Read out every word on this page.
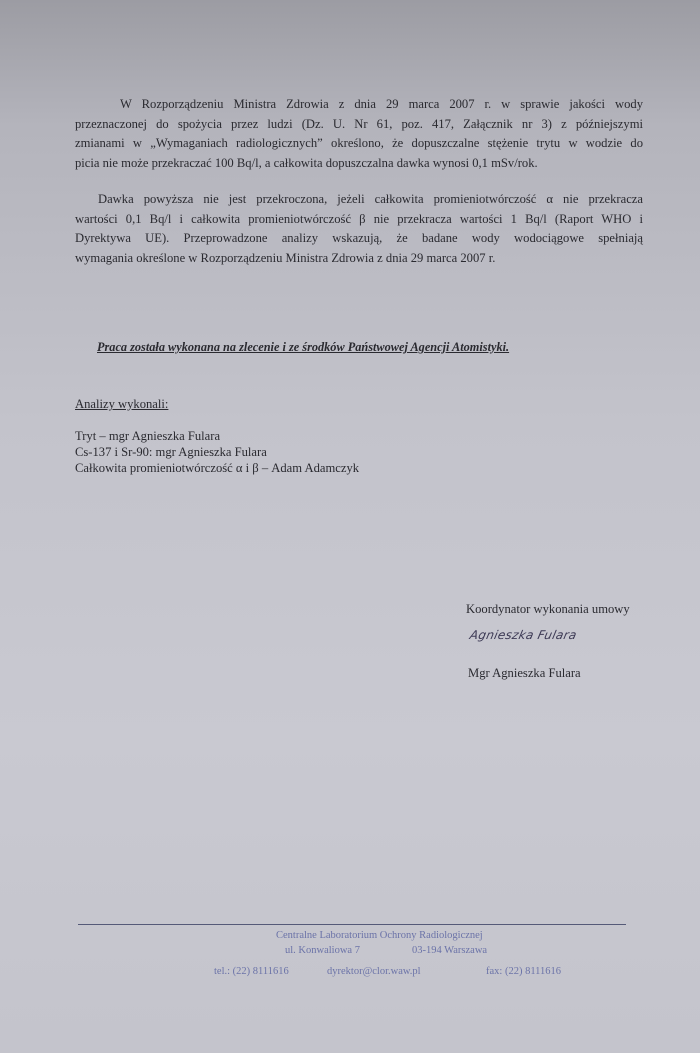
W Rozporządzeniu Ministra Zdrowia z dnia 29 marca 2007 r. w sprawie jakości wody
przeznaczonej do spożycia przez ludzi (Dz. U. Nr 61, poz. 417, Załącznik nr 3) z późniejszymi
zmianami w „Wymaganiach radiologicznych” określono, że dopuszczalne stężenie trytu w wodzie do
picia nie może przekraczać 100 Bq/l, a całkowita dopuszczalna dawka wynosi 0,1 mSv/rok.
Dawka powyższa nie jest przekroczona, jeżeli całkowita promieniotwórczość α nie przekracza
wartości 0,1 Bq/l i całkowita promieniotwórczość β nie przekracza wartości 1 Bq/l (Raport WHO i
Dyrektywa UE). Przeprowadzone analizy wskazują, że badane wody wodociągowe spełniają
wymagania określone w Rozporządzeniu Ministra Zdrowia z dnia 29 marca 2007 r.
Praca została wykonana na zlecenie i ze środków Państwowej Agencji Atomistyki.
Analizy wykonali:
Tryt – mgr Agnieszka Fulara
Cs-137 i Sr-90: mgr Agnieszka Fulara
Całkowita promieniotwórczość α i β – Adam Adamczyk
Koordynator wykonania umowy
Agnieszka Fulara
Mgr Agnieszka Fulara
Centralne Laboratorium Ochrony Radiologicznej
ul. Konwaliowa 7	03-194 Warszawa
tel.: (22) 8111616	dyrektor@clor.waw.pl	fax: (22) 8111616
